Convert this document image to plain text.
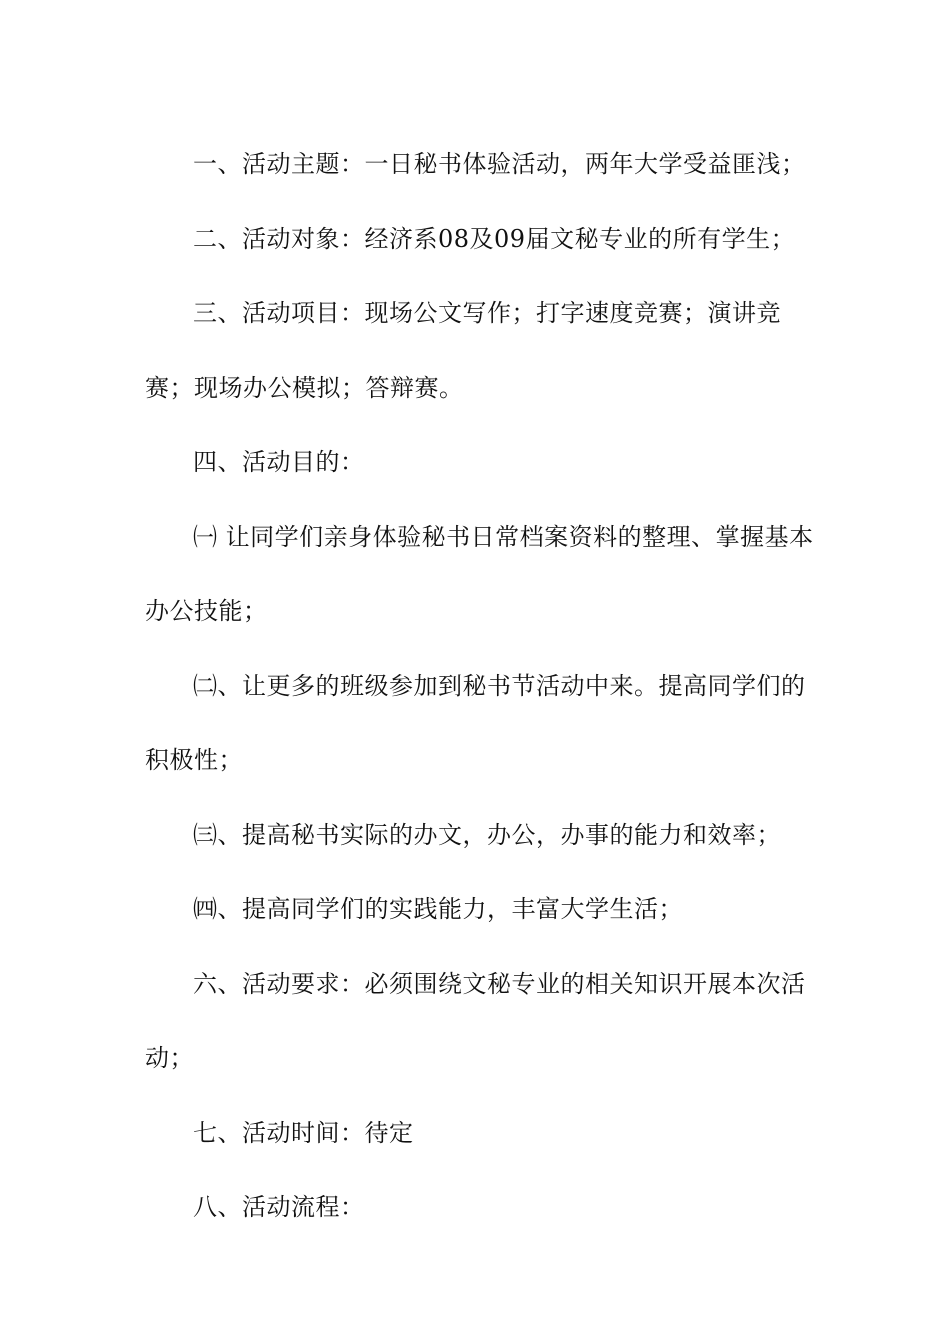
一、活动主题：一日秘书体验活动，两年大学受益匪浅；

二、活动对象：经济系08及09届文秘专业的所有学生；

三、活动项目：现场公文写作；打字速度竞赛；演讲竞赛；现场办公模拟；答辩赛。

四、活动目的：

㈠ 让同学们亲身体验秘书日常档案资料的整理、掌握基本办公技能；

㈡、让更多的班级参加到秘书节活动中来。提高同学们的积极性；

㈢、提高秘书实际的办文，办公，办事的能力和效率；

㈣、提高同学们的实践能力，丰富大学生活；

六、活动要求：必须围绕文秘专业的相关知识开展本次活动；

七、活动时间：待定

八、活动流程：
